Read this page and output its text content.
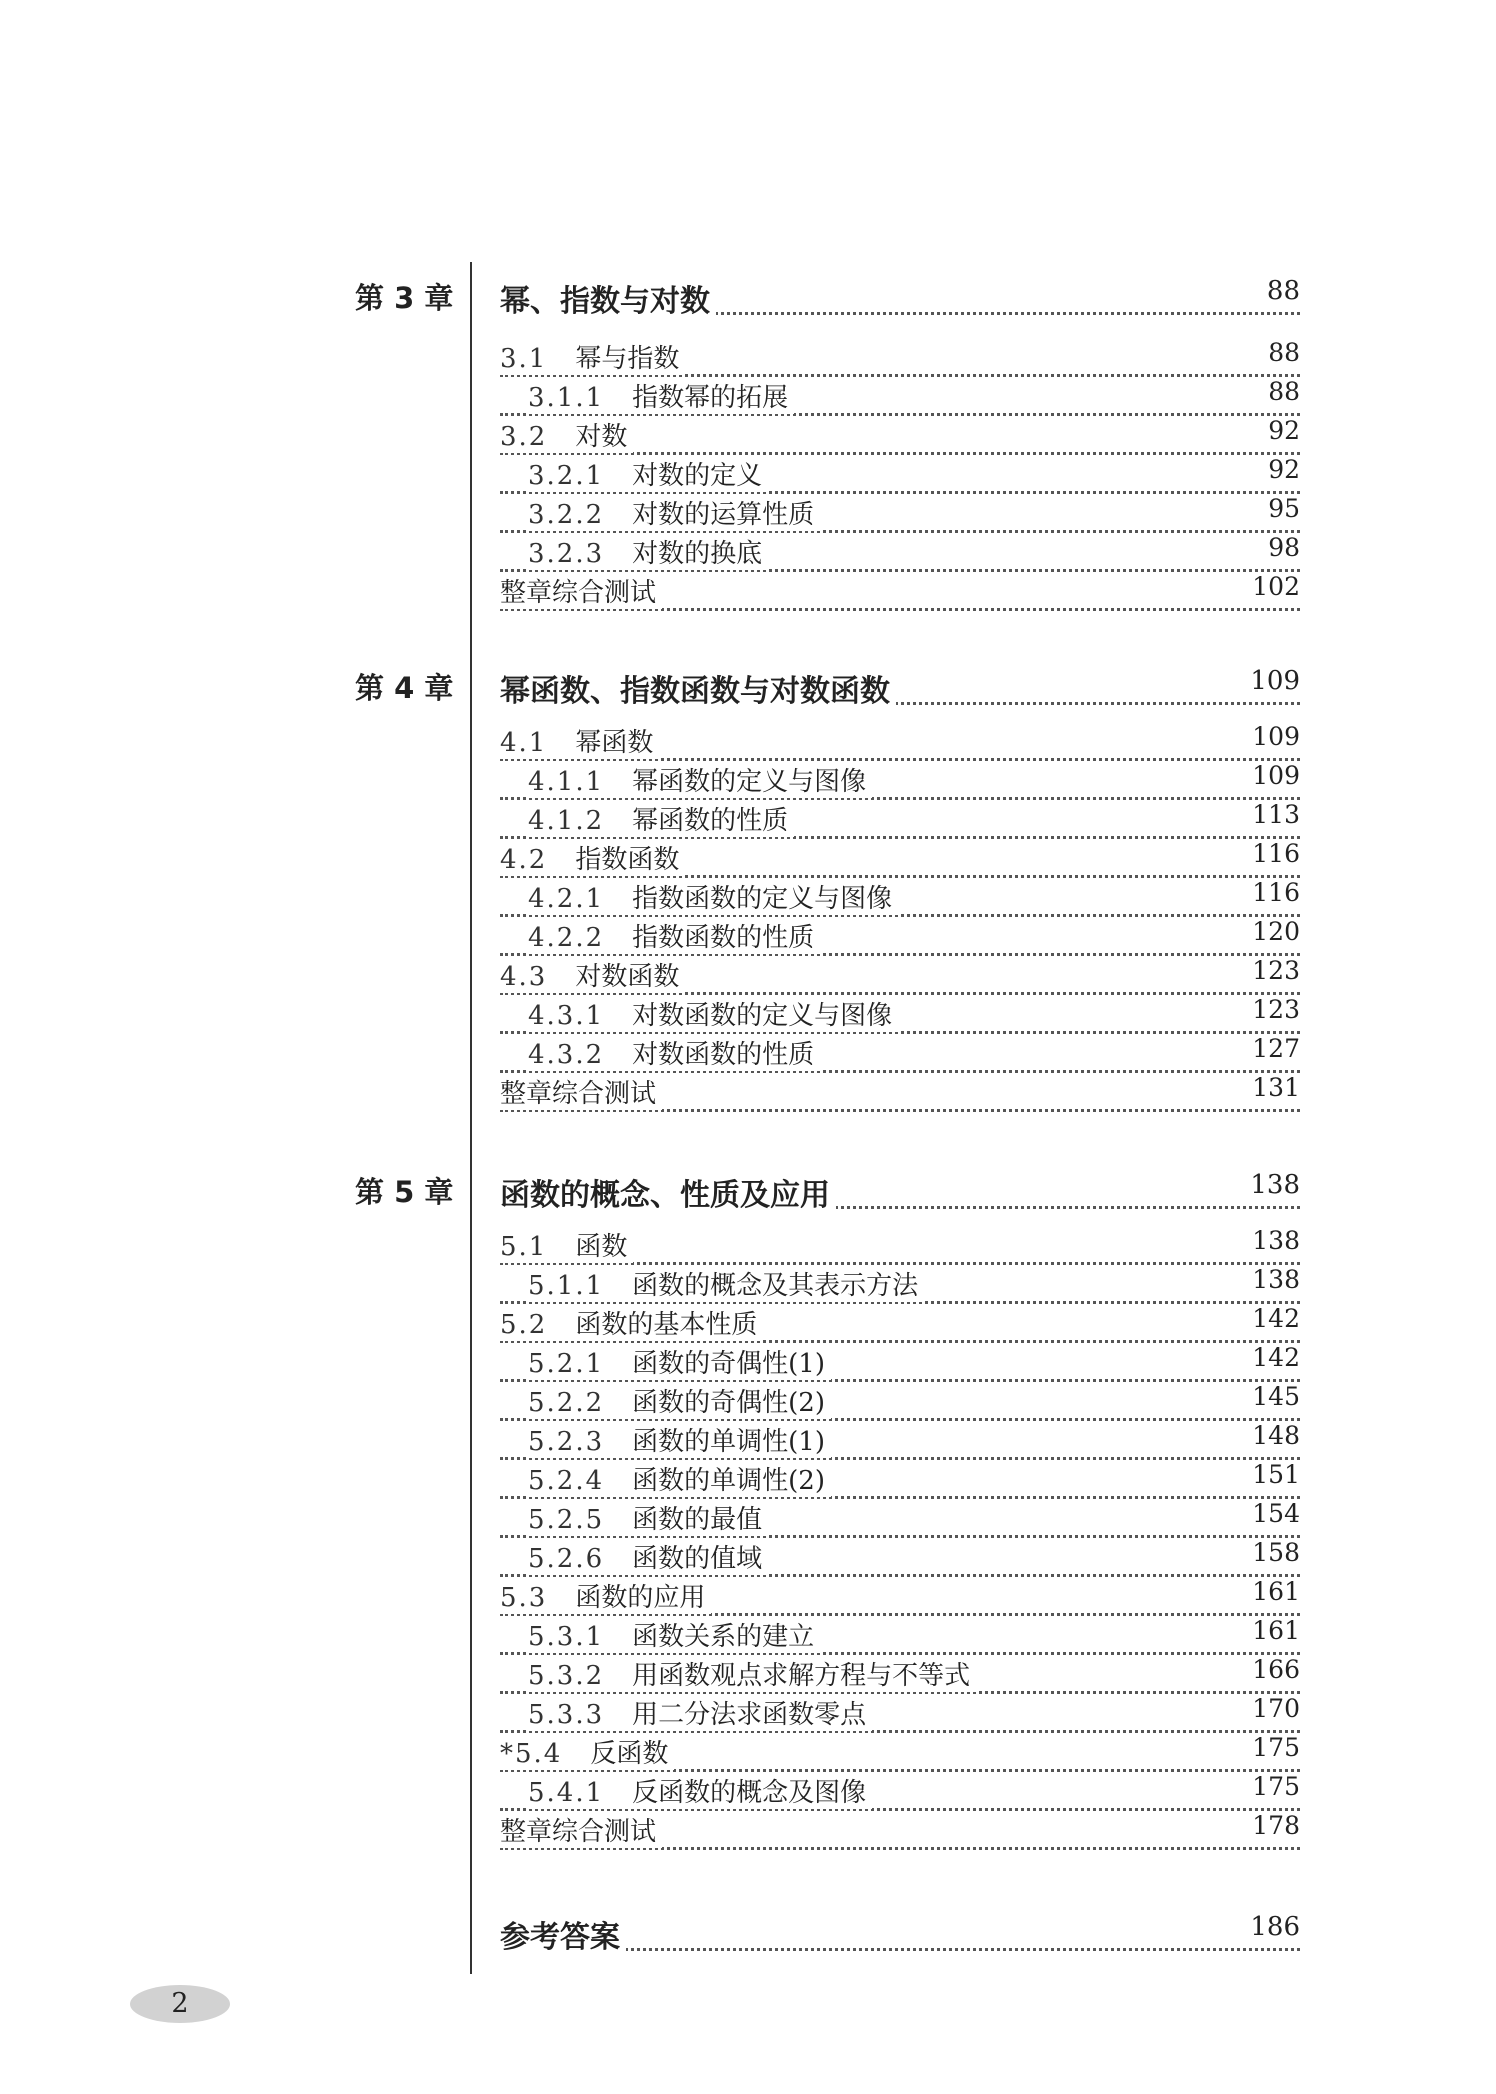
第 3 章 幂、指数与对数	88
3.1 幂与指数	88
3.1.1 指数幂的拓展	88
3.2 对数	92
3.2.1 对数的定义	92
3.2.2 对数的运算性质	95
3.2.3 对数的换底	98
整章综合测试	102
第 4 章 幂函数、指数函数与对数函数	109
4.1 幂函数	109
4.1.1 幂函数的定义与图像	109
4.1.2 幂函数的性质	113
4.2 指数函数	116
4.2.1 指数函数的定义与图像	116
4.2.2 指数函数的性质	120
4.3 对数函数	123
4.3.1 对数函数的定义与图像	123
4.3.2 对数函数的性质	127
整章综合测试	131
第 5 章 函数的概念、性质及应用	138
5.1 函数	138
5.1.1 函数的概念及其表示方法	138
5.2 函数的基本性质	142
5.2.1 函数的奇偶性(1)	142
5.2.2 函数的奇偶性(2)	145
5.2.3 函数的单调性(1)	148
5.2.4 函数的单调性(2)	151
5.2.5 函数的最值	154
5.2.6 函数的值域	158
5.3 函数的应用	161
5.3.1 函数关系的建立	161
5.3.2 用函数观点求解方程与不等式	166
5.3.3 用二分法求函数零点	170
*5.4 反函数	175
5.4.1 反函数的概念及图像	175
整章综合测试	178
参考答案	186
2
